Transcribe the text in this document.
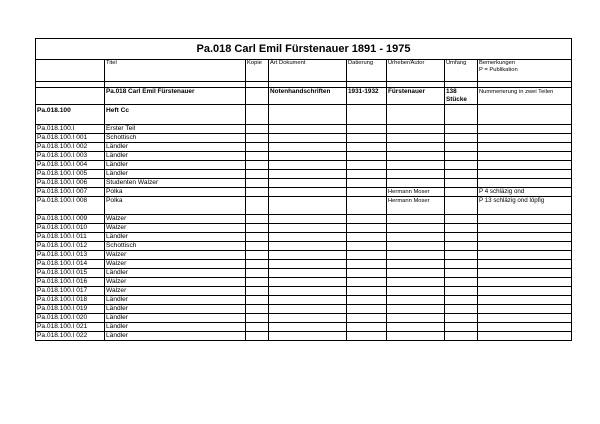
Pa.018 Carl Emil Fürstenauer 1891 - 1975							
	Titel	Kopie	Art Dokument	Datierung	Urheber/Autor	Umfang	Bemerkungen
P = Publikation

	Pa.018 Carl Emil Fürstenauer		Notenhandschriften	1931-1932	Fürstenauer	138 Stücke	Nummerierung in zwei Teilen
Pa.018.100	Heft Cc						
Pa.018.100.I	Erster Teil						
Pa.018.100.I 001	Schottisch						
Pa.018.100.I 002	Ländler						
Pa.018.100.I 003	Ländler						
Pa.018.100.I 004	Ländler						
Pa.018.100.I 005	Ländler						
Pa.018.100.I 006	Studenten Walzer						
Pa.018.100.I 007	Polka				Hermann Moser		P 4 schläzig ond
Pa.018.100.I 008	Polka				Hermann Moser		P 13 schläzig ond löpfig
Pa.018.100.I 009	Walzer						
Pa.018.100.I 010	Walzer						
Pa.018.100.I 011	Ländler						
Pa.018.100.I 012	Schottisch						
Pa.018.100.I 013	Walzer						
Pa.018.100.I 014	Walzer						
Pa.018.100.I 015	Ländler						
Pa.018.100.I 016	Walzer						
Pa.018.100.I 017	Walzer						
Pa.018.100.I 018	Ländler						
Pa.018.100.I 019	Ländler						
Pa.018.100.I 020	Ländler						
Pa.018.100.I 021	Ländler						
Pa.018.100.I 022	Ländler						
